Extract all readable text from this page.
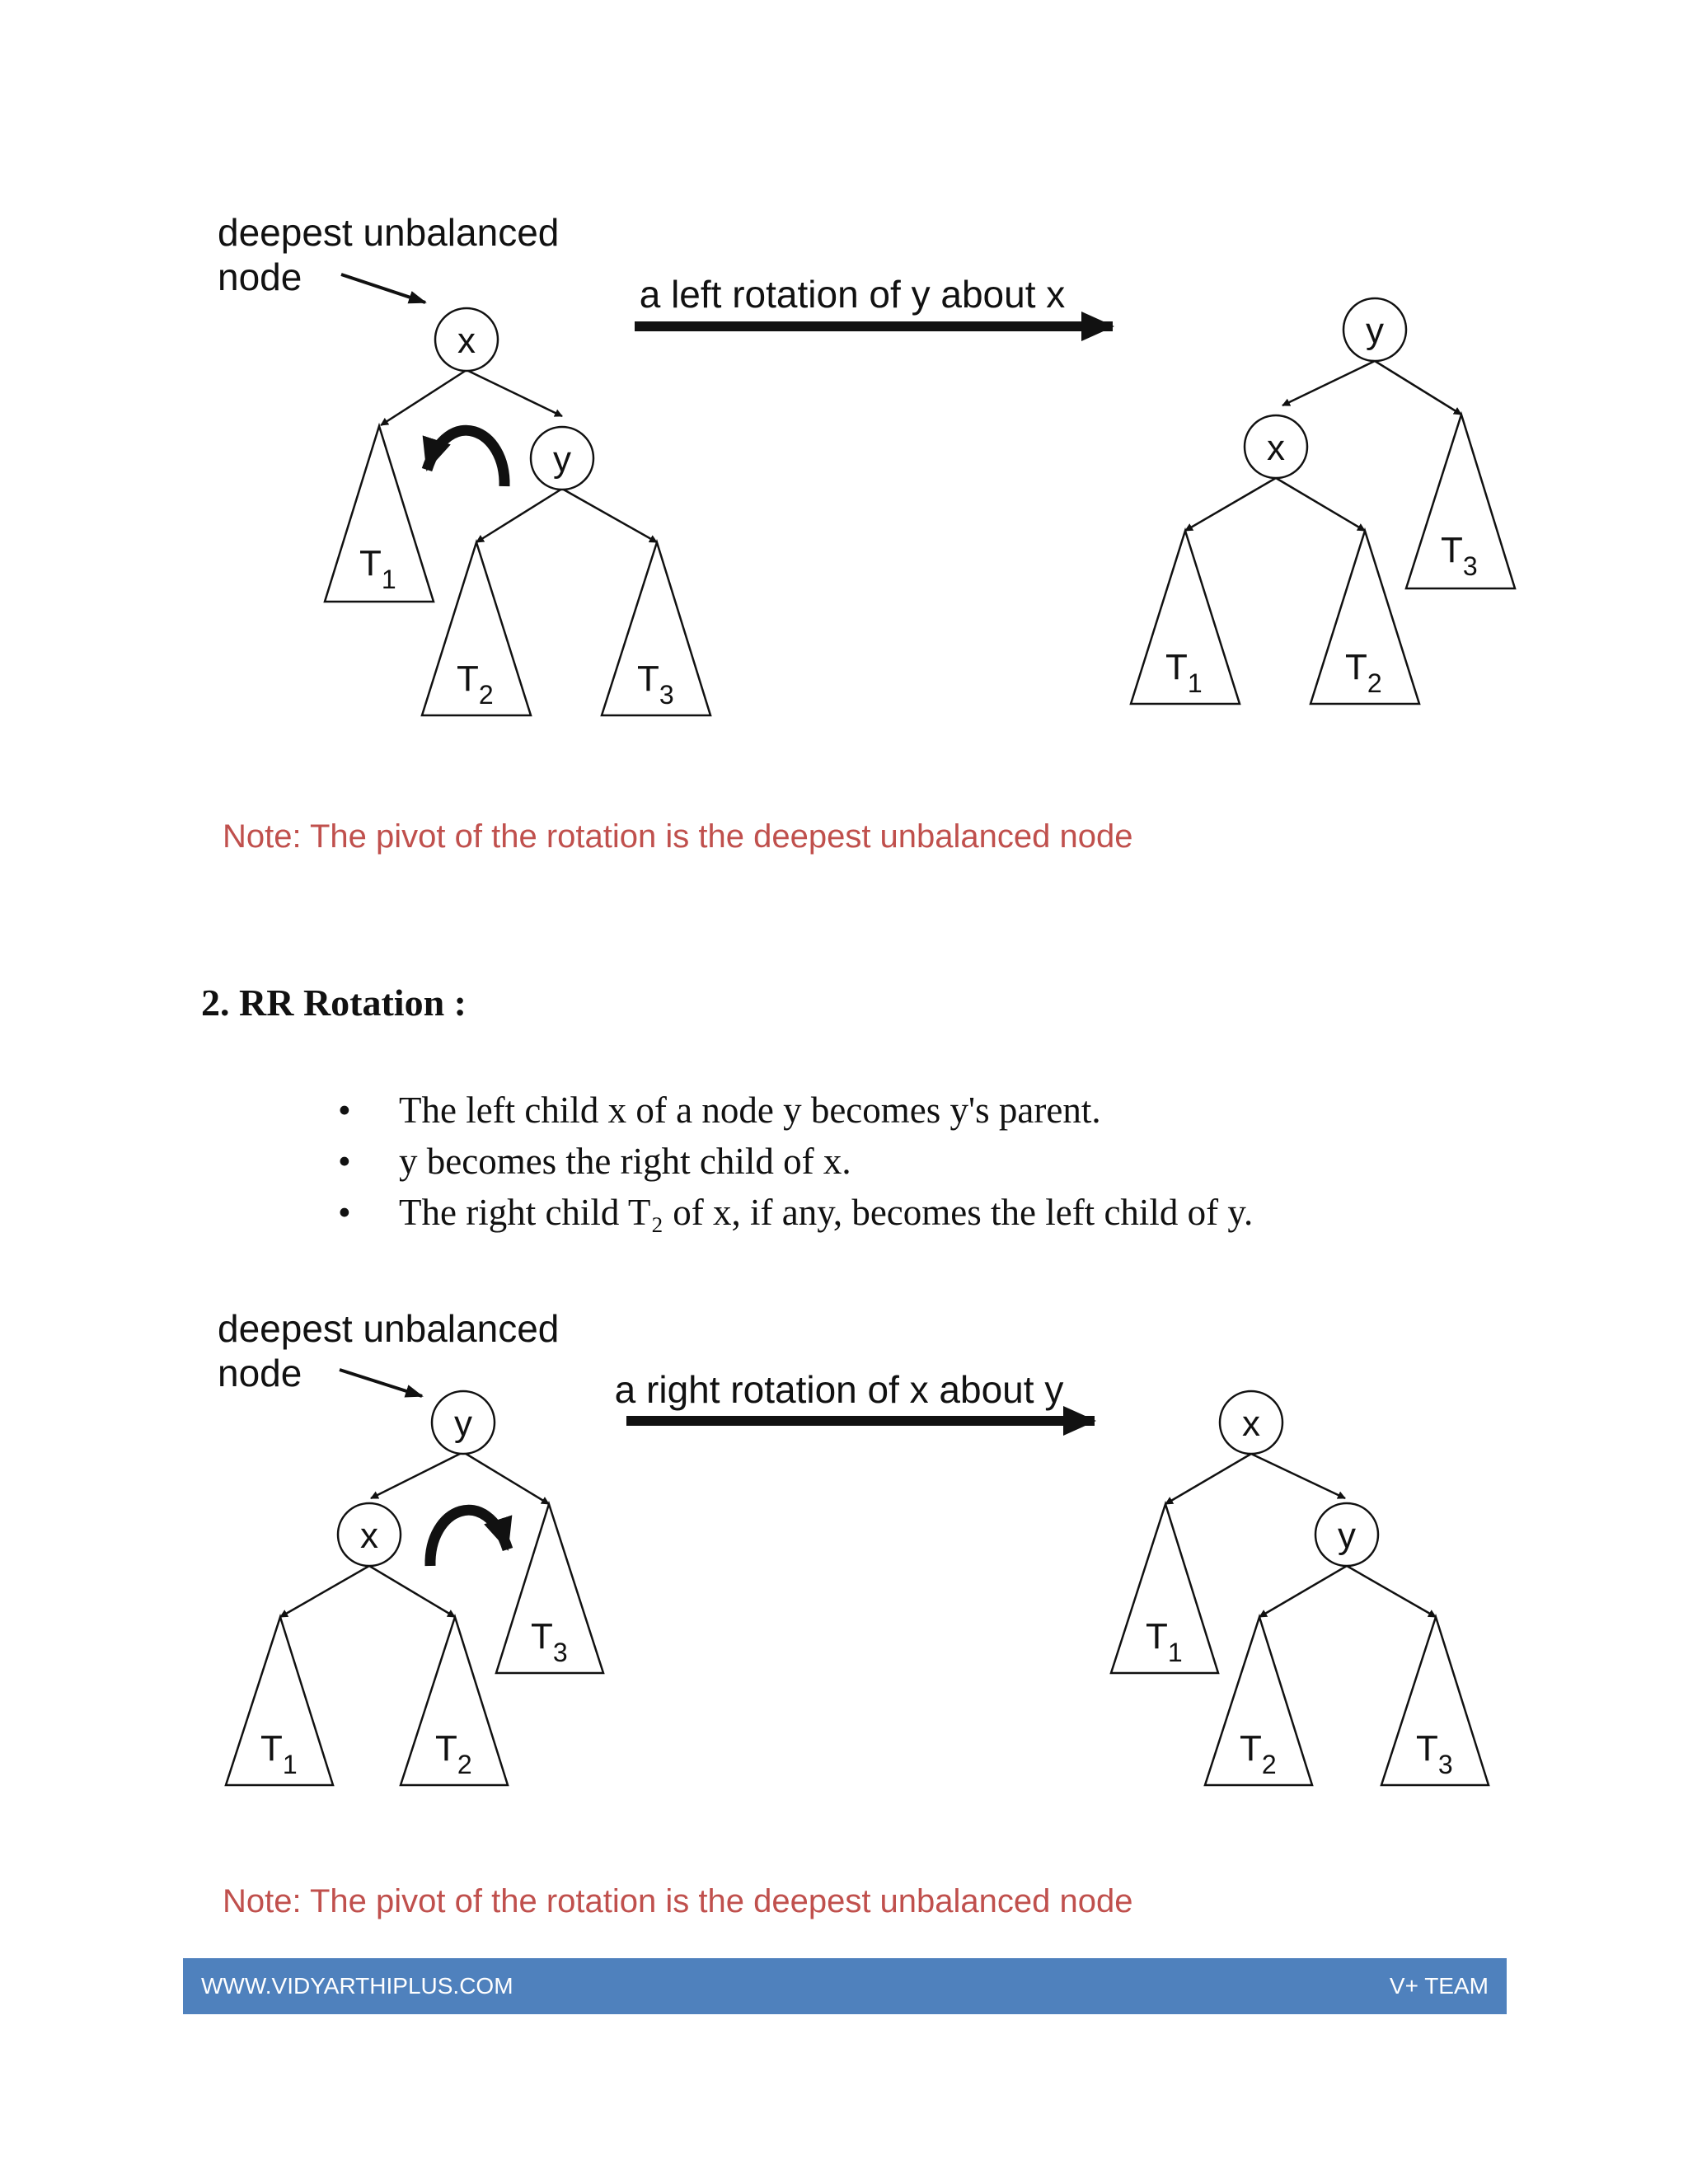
deepest unbalanced
node
x
y
$T_1$
$T_2$	$T_3$
a left rotation of y about x
y
x
$T_3$
$T_1$	$T_2$
Note: The pivot of the rotation is the deepest unbalanced node
2. RR Rotation :
• The left child x of a node y becomes y's parent.
• y becomes the right child of x.
• The right child T₂ of x, if any, becomes the left child of y.
deepest unbalanced
node
y
x
$T_3$
$T_1$	$T_2$
a right rotation of x about y
x
y
$T_1$
$T_2$	$T_3$
Note: The pivot of the rotation is the deepest unbalanced node
WWW.VIDYARTHIPLUS.COM	V+ TEAM
